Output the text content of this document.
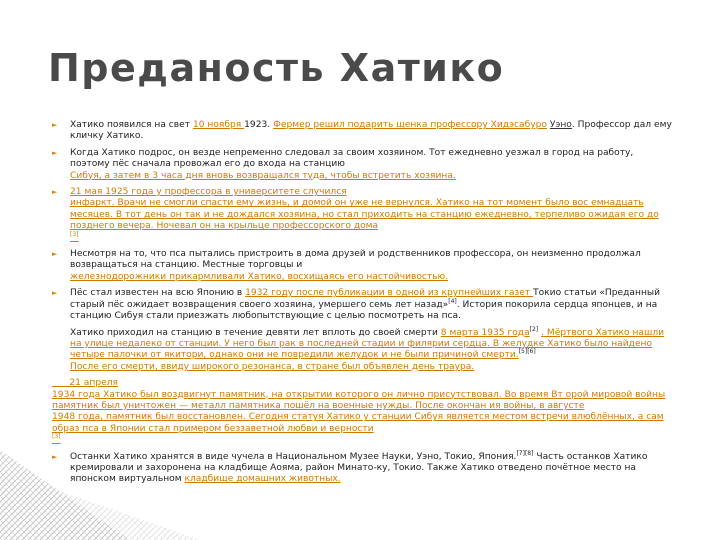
Преданость Хатико
► Хатико появился на свет 10 ноября 1923. Фермер решил подарить щенка профессору Хидэсабуро Уэно. Профессор дал ему кличку Хатико.
► Когда Хатико подрос, он везде непременно следовал за своим хозяином. Тот ежедневно уезжал в город на работу, поэтому пёс сначала провожал его до входа на станцию
Сибуя, а затем в 3 часа дня вновь возвращался туда, чтобы встретить хозяина.
► 21 мая 1925 года у профессора в университете случился
инфаркт. Врачи не смогли спасти ему жизнь, и домой он уже не вернулся. Хатико на тот момент было вос емнадцать месяцев. В тот день он так и не дождался хозяина, но стал приходить на станцию ежедневно, терпеливо ожидая его до позднего вечера. Ночевал он на крыльце профессорского дома
[3]
► Несмотря на то, что пса пытались пристроить в дома друзей и родственников профессора, он неизменно продолжал возвращаться на станцию. Местные торговцы и
железнодорожники прикармливали Хатико, восхищаясь его настойчивостью.
► Пёс стал известен на всю Японию в 1932 году после публикации в одной из крупнейших газет Токио статьи «Преданный старый пёс ожидает возвращения своего хозяина, умершего семь лет назад»[4]. История покорила сердца японцев, и на станцию Сибуя стали приезжать любопытствующие с целью посмотреть на пса.
Хатико приходил на станцию в течение девяти лет вплоть до своей смерти 8 марта 1935 года[2] . Мёртвого Хатико нашли на улице недалеко от станции. У него был рак в последней стадии и филярии сердца. В желудке Хатико было найдено четыре палочки от якитори, однако они не повредили желудок и не были причиной смерти.[5][6]
После его смерти, ввиду широкого резонанса, в стране был объявлен день траура.
21 апреля
1934 года Хатико был воздвигнут памятник, на открытии которого он лично присутствовал. Во время Вт орой мировой войны памятник был уничтожен — металл памятника пошёл на военные нужды. После окончан ия войны, в августе
1948 года, памятник был восстановлен. Сегодня статуя Хатико у станции Сибуя является местом встречи влюблённых, а сам образ пса в Японии стал примером беззаветной любви и верности
[3]
► Останки Хатико хранятся в виде чучела в Национальном Музее Науки, Уэно, Токио, Япония.[7][8] Часть останков Хатико кремировали и захоронена на кладбище Аояма, район Минато-ку, Токио. Также Хатико отведено почётное место на японском виртуальном кладбище домашних животных.
